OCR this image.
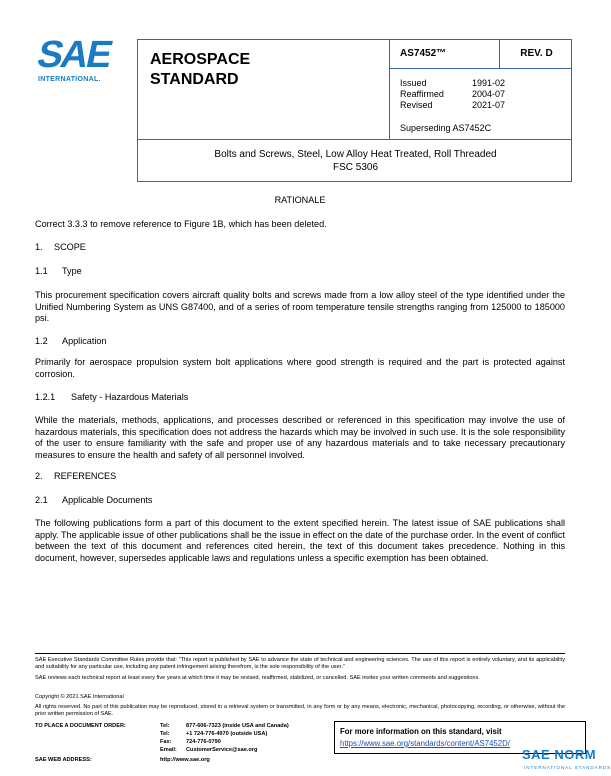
SAE
INTERNATIONAL.
AEROSPACE
STANDARD
AS7452™	REV. D
Issued	1991-02
Reaffirmed	2004-07
Revised	2021-07
Superseding AS7452C
Bolts and Screws, Steel, Low Alloy Heat Treated, Roll Threaded
FSC 5306
RATIONALE
Correct 3.3.3 to remove reference to Figure 1B, which has been deleted.
1. SCOPE
1.1 Type
This procurement specification covers aircraft quality bolts and screws made from a low alloy steel of the type identified under the Unified Numbering System as UNS G87400, and of a series of room temperature tensile strengths ranging from 125000 to 185000 psi.
1.2 Application
Primarily for aerospace propulsion system bolt applications where good strength is required and the part is protected against corrosion.
1.2.1 Safety - Hazardous Materials
While the materials, methods, applications, and processes described or referenced in this specification may involve the use of hazardous materials, this specification does not address the hazards which may be involved in such use. It is the sole responsibility of the user to ensure familiarity with the safe and proper use of any hazardous materials and to take necessary precautionary measures to ensure the health and safety of all personnel involved.
2. REFERENCES
2.1 Applicable Documents
The following publications form a part of this document to the extent specified herein. The latest issue of SAE publications shall apply. The applicable issue of other publications shall be the issue in effect on the date of the purchase order. In the event of conflict between the text of this document and references cited herein, the text of this document takes precedence. Nothing in this document, however, supersedes applicable laws and regulations unless a specific exemption has been obtained.
SAE Executive Standards Committee Rules provide that: “This report is published by SAE to advance the state of technical and engineering sciences. The use of this report is entirely voluntary, and its applicability and suitability for any particular use, including any patent infringement arising therefrom, is the sole responsibility of the user.”
SAE reviews each technical report at least every five years at which time it may be revised, reaffirmed, stabilized, or cancelled. SAE invites your written comments and suggestions.
Copyright © 2021 SAE International
All rights reserved. No part of this publication may be reproduced, stored in a retrieval system or transmitted, in any form or by any means, electronic, mechanical, photocopying, recording, or otherwise, without the prior written permission of SAE.
TO PLACE A DOCUMENT ORDER:	Tel:	877-606-7323 (inside USA and Canada)
Tel:	+1 724-776-4970 (outside USA)
Fax:	724-776-0790
Email: CustomerService@sae.org
SAE WEB ADDRESS:	http://www.sae.org
For more information on this standard, visit
https://www.sae.org/standards/content/AS7452D/
SAE NORM
INTERNATIONAL STANDARDS
